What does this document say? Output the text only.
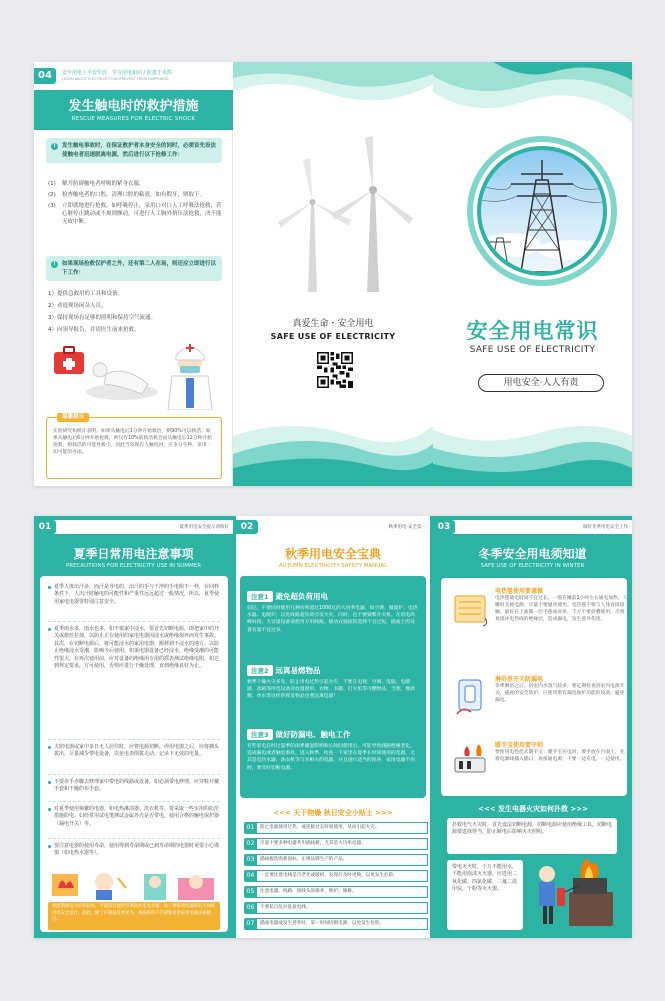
04	安全用电 / 平安生活　学习用电知识 / 防患于未然
LEARN ABOUT ELECTRICITY USE/PREVENT FROM HAPPENING
发生触电时的救护措施
RESCUE MEASURES FOR ELECTRIC SHOCK
!	发生触电事故时，在保证救护者本身安全的同时，必须首先设法使触电者迅速脱离电源，然后进行以下抢修工作：
(1)	解开防碍触电者呼吸的紧身衣服。
(2)	检查触电者的口腔，清理口腔的粘液，如有假牙，则取下。
(3)	立即就地进行抢救，如呼吸停止，采用口对口人工呼吸法抢救，若心脏停止跳动或不规则颤动，可进行人工胸外挤压法抢救，决不能无故中断。
!	如果现场抢救仅护者之外，还有第二人在场，则还应立即进行以下工作：
1）提供急救用的工具和设备。
2）劝退现场闲杂人员。
3）保持现场有足够的照明和保持空气流通。
4）向领导报告，并请医生前来抢救。
温馨提示
实验研究和统计表明，如果从触电后1分钟开始救治，则90%可以救活；如果从触电后6分钟开始抢救，则仅有10%的救活机会而从触电后12分钟开始抢救，则救活的可能性极小。因此当发现有人触电时，应争分夺秒，采用一切可能的办法。
真爱生命・安全用电
SAFE USE OF ELECTRICITY	安全用电常识
SAFE USE OF ELECTRICITY
用电安全·人人有责
01	夏季用电安全提示请收好
夏季日常用电注意事项
PRECAUTIONS FOR ELECTRICITY USE IN SUMMER
夏季人体出汗多，而汗是导电的，出汗的手与干净的手电阻不一样，在同样条件下，人出汗时触电的可能性和严重性远远超过一般情况，所以，夏季使用家电电器要特别注意安全。
夏季雨水多，雨水也多，如不慎家中浸水，要首先切断电源，即把家中的开关或熔丝拉掉，以防止正在使用的家电电器因浸水或绝缘损坏而发生事故。其次，在切断电源后，将可能浸水的家用电器，搬移到不浸水的地方，以防止绝缘浸水受潮，影响今后使用。如果电器设备已经浸水，绝缘受潮的可能性很大，在再次使用前，应对设备的绝缘用专用的摇表测试绝缘电阻，如达到规定要求，方可使用，否则应进行干燥处理，直到绝缘良好为止。
夫陪电器或家中多日无人居住时，应将电源切断，停用电器之后，应将插头拔出，尽量减少带电设备，以免电表倒拔走动，记录下无效的电量。
不要赤手赤脚去修理家中带电的线路或设备，如必须带电修理，应穿鞋并戴手套和干燥的布手套。
对夏季使用频繁的电器，如电热淋浴器、洗衣机等，要采取一些实用的防范措施防电。妇经常用试电笔测试金属外壳是否带电，使用合格的触电保护器（漏电开关）等。
要注意电器的使用寿命，使用得到寿命期或已到寿命期的电器时更要小心谨慎（如电热水器等）。
高温期间电力负荷较高，不能盲目使用空调设备用电水器，每一种家用电器都有不同的用电安全设计，因此，除了长期没有要求外。请按照用户手册要求的家用电器正确使用。
02	秋季用电·安全第一
秋季用电安全宝典
AUTUMN ELECTRICITY SAFETY MANUAL
注意1 避免超负荷用电
切记，不要同时使用几种功率超过1000瓦的大功率电器，如空调、微波炉、电热水器、电暖炉，以免线路超负荷引发火灾。同时，也不要频繁开关机。在用电高峰时段，大容量设备请使用专用线路。移动式插座的选择不宜过短，插座上的设备有量不宜过多。
注意2 远离易燃物品
秋季干燥火灾多发，防止用电过热引起火灾，不要在电视、空调、电脑、电暖器、冰箱等用电设备旁放置窗帘、衣物、书籍、打火机等可燃物品，当然，像酒精、香水等这样的挥发物品也要远离电器！
注意3 做好防漏电、触电工作
有些家电在经过夏季的雨季潮湿影响和长时间使用后，可能导致线路绝缘老化，造成漏电或者触电事故。进入秋季，检查一下家里在夏季长时间使用的电器，尤其是电热水器、洗衣机等与水相关的电器，并且进行适当的保养，家用电器不用时，要及时切断电源。
<<< 天干物燥 秋日安全小贴士 >>>
01	防止电器使用过热，或连接过长时间使用，从而引起火灾。
02	尽量不要多种电器共用插线板，尤其是大功率电器。
03	插线板选购新国标，正规品牌生产的产品。
04	一定要注意电线是否老化或破损，发现后及时更换，以免发生危险。
05	注意电器、线路、接线头的保养、维护、修修。
06	不要私自乱拉乱接电线。
07	插座电器或发生意外时，第一时间切断电源，以免发生危险。
03	做好冬季用电安全工作
冬季安全用电须知道
SAFE USE OF ELECTRICITY IN WINTER
电热毯使用要谨慎
电热毯通电时间不宜过长，一般在睡前1小时左右通电加热，人睡时关掉电源，尽量不要通宵使用。电热毯不要与人体直接接触，最好在上面铺一层毛毯或床单，千万不要折叠使用，否则易烧坏电热线的绝缘层，造成漏电，发生意外伤害。
淋浴里开关防漏电
冬季淋浴之后，浴室内水蒸气较多，要定期检查浴室内电源开关，插座的安全防护，应使用带有漏电保护功能的设备，避免漏电。
暖手宝使用要守则
要使用电热丝式暖手宝；暖手宝充电时，要平放在台面上，先将电源线插入插口，再接通电源，不要一边充电，一边使用。
<<< 发生电器火灾如何扑救 >>>
扑救电气火灾时，首先设法切断电源，切断电源应使用绝缘工具，切断电源要选择得当，防止断电后影响灭火照明。
带电灭火时，千万不能用水，不能用泡沫灭火器，应选用二氧化碳、四氯化碳、二氟二溴甲烷，干粉等灭火器。
